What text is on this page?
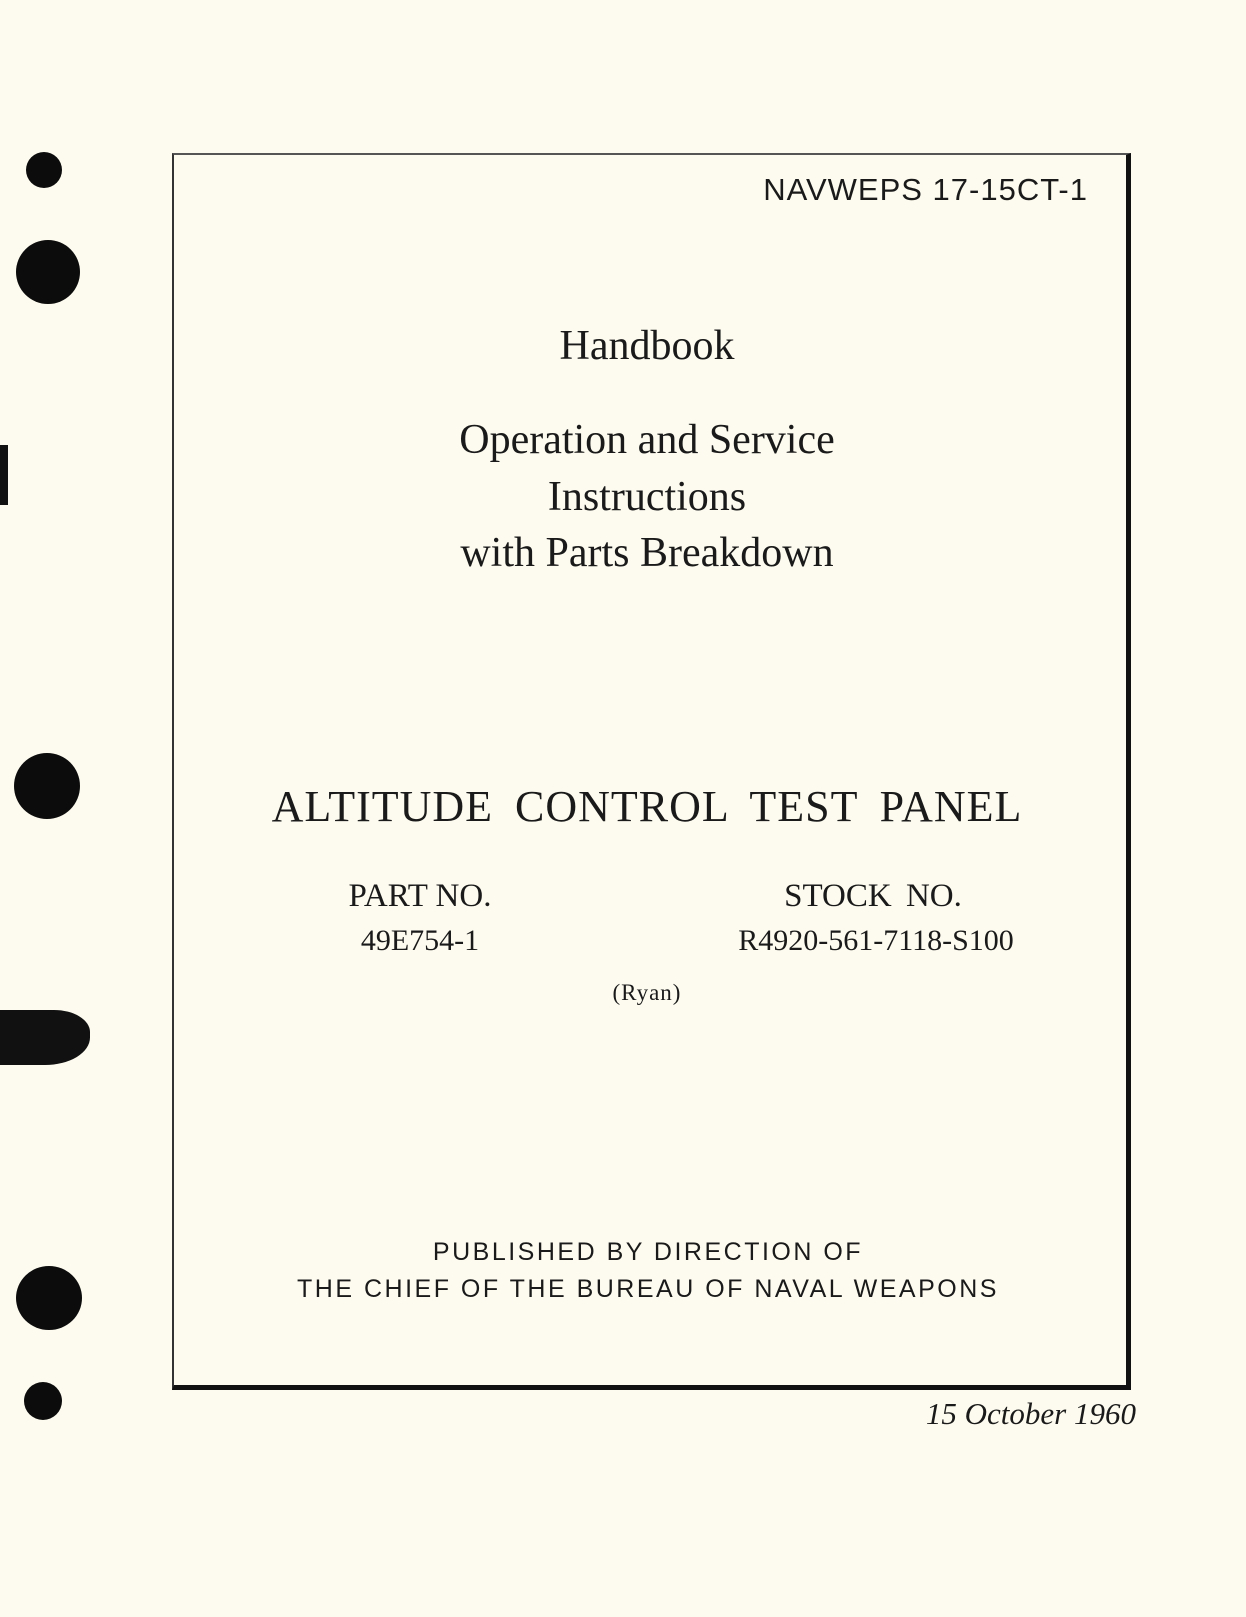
NAVWEPS 17-15CT-1
Handbook
Operation and Service
Instructions
with Parts Breakdown
ALTITUDE CONTROL TEST PANEL
PART NO.
49E754-1
STOCK NO.
R4920-561-7118-S100
(Ryan)
PUBLISHED BY DIRECTION OF
THE CHIEF OF THE BUREAU OF NAVAL WEAPONS
15 October 1960
